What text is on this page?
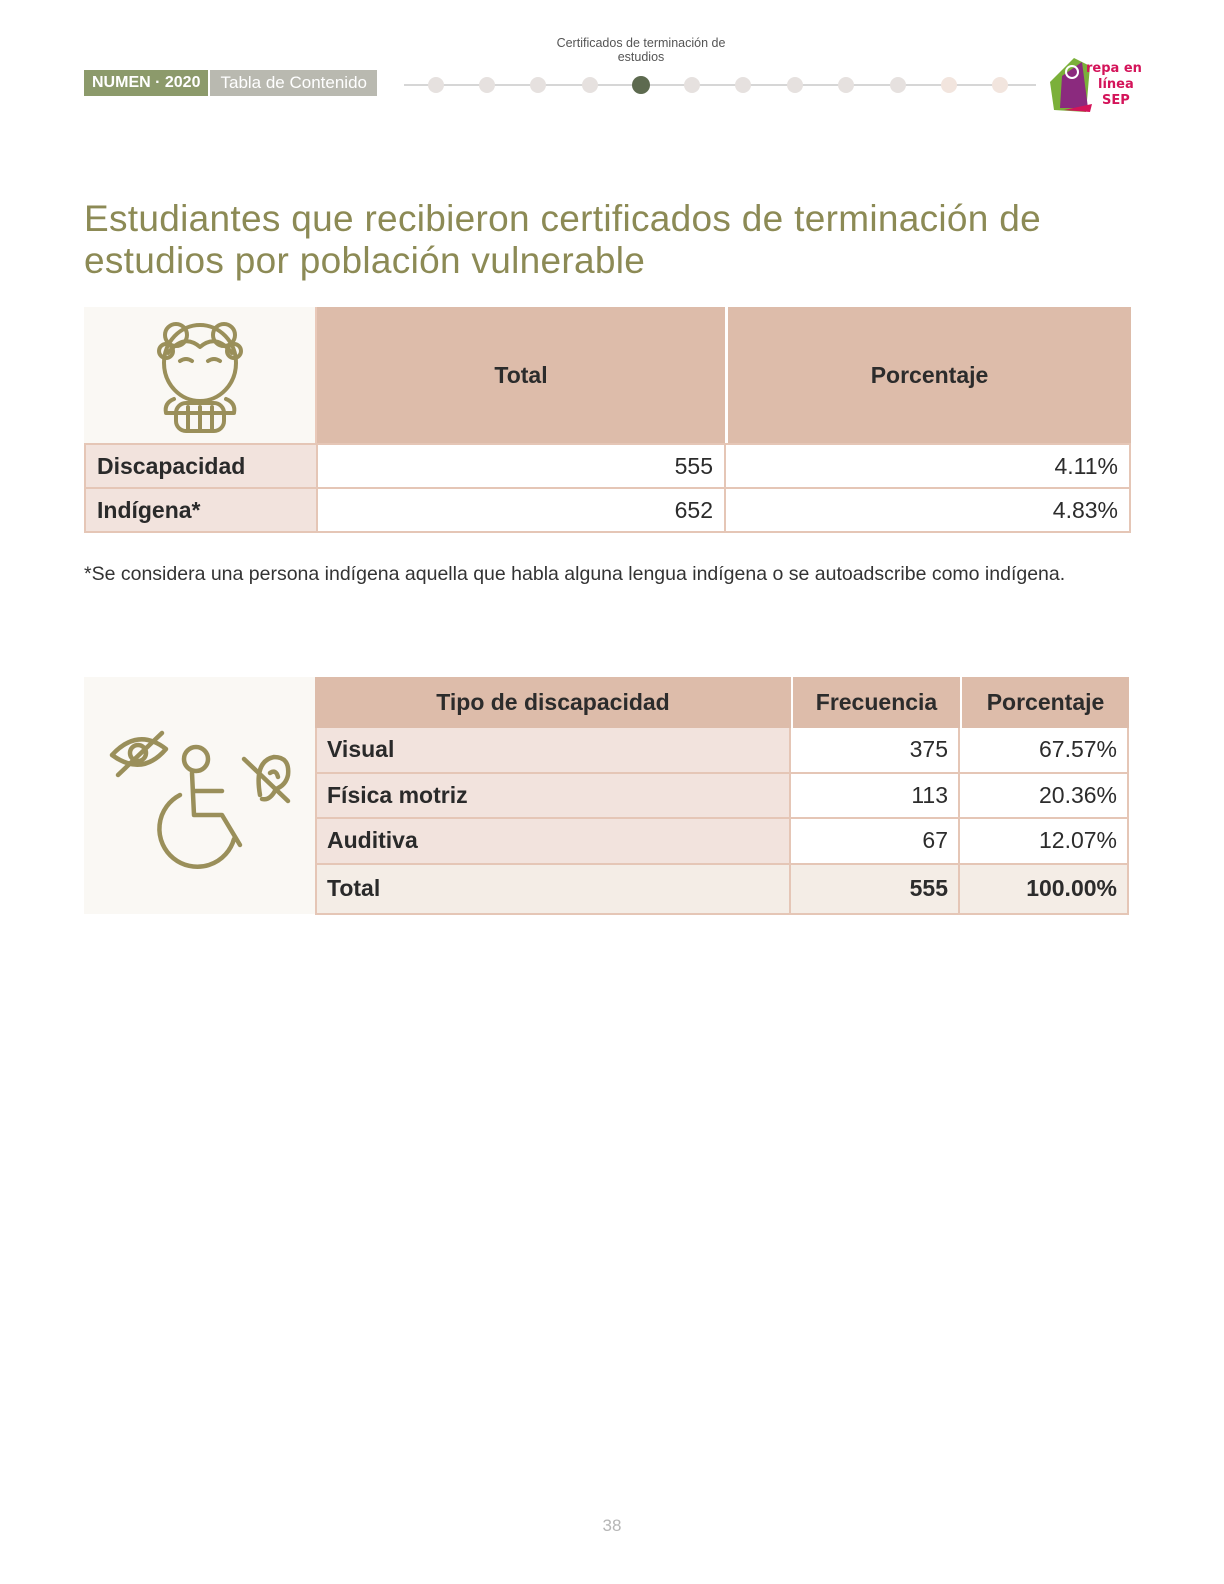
Certificados de terminación de estudios
NUMEN · 2020	Tabla de Contenido
repa en
línea
SEP
Estudiantes que recibieron certificados de terminación de estudios por población vulnerable
Total	Porcentaje
Discapacidad	555	4.11%
Indígena*	652	4.83%

*Se considera una persona indígena aquella que habla alguna lengua indígena o se autoadscribe como indígena.

Tipo de discapacidad	Frecuencia	Porcentaje
Visual	375	67.57%
Física motriz	113	20.36%
Auditiva	67	12.07%
Total	555	100.00%
38
